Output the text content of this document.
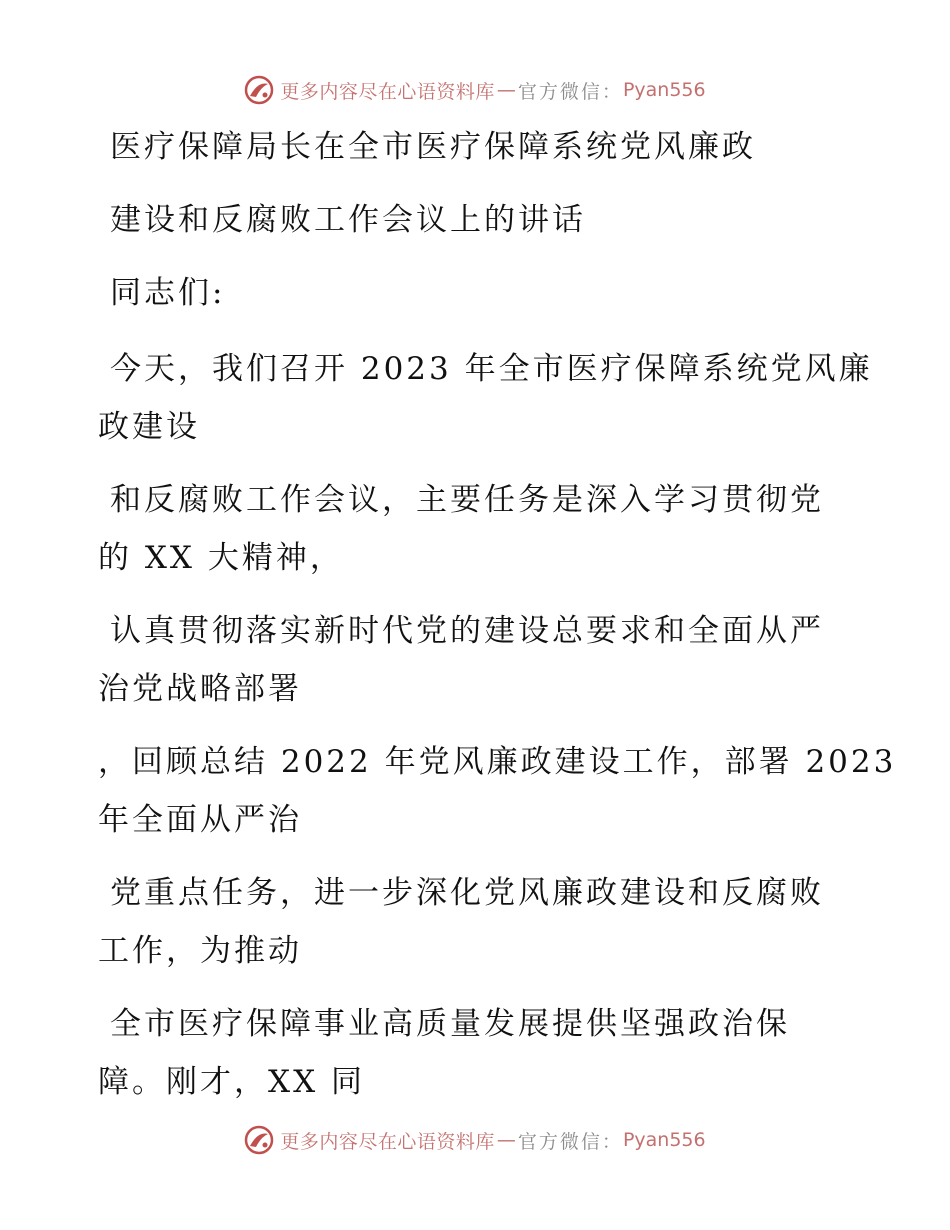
更多内容尽在心语资料库 — 官方微信： Pyan556
医疗保障局长在全市医疗保障系统党风廉政
建设和反腐败工作会议上的讲话
同志们:
今天，我们召开 2023 年全市医疗保障系统党风廉
政建设
和反腐败工作会议，主要任务是深入学习贯彻党
的 XX 大精神，
认真贯彻落实新时代党的建设总要求和全面从严
治党战略部署
，回顾总结 2022 年党风廉政建设工作，部署 2023
年全面从严治
党重点任务，进一步深化党风廉政建设和反腐败
工作，为推动
全市医疗保障事业高质量发展提供坚强政治保
障。刚才，XX 同
更多内容尽在心语资料库 — 官方微信： Pyan556
